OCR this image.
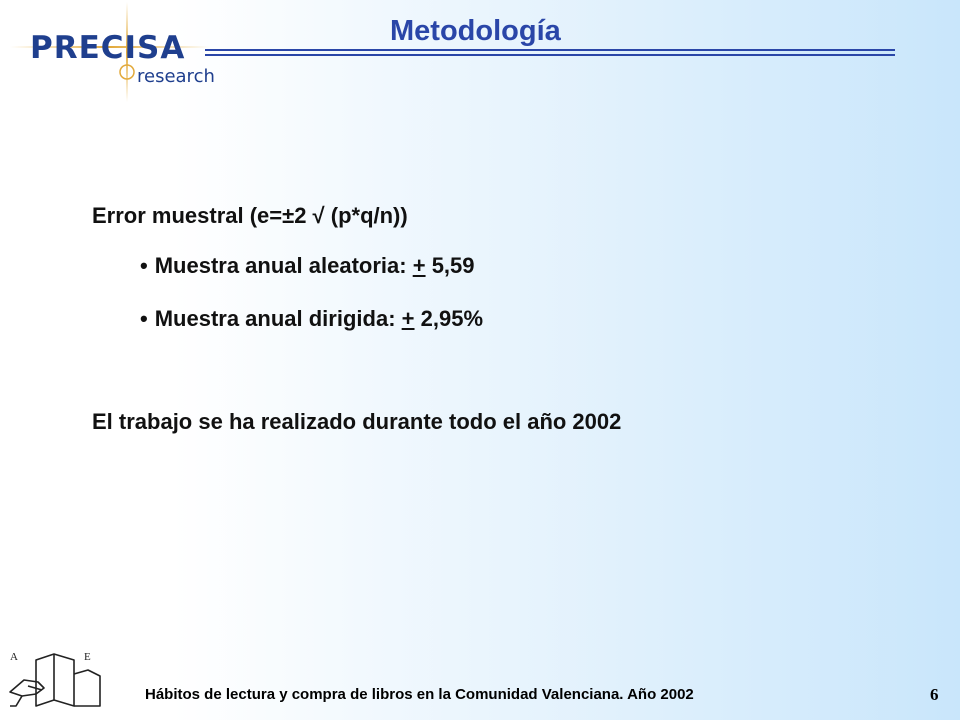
PRECISA
research
Metodología
Error muestral (e=±2 √ (p*q/n))
• Muestra anual aleatoria: + 5,59
• Muestra anual dirigida: + 2,95%
El trabajo se ha realizado durante todo el año 2002
A	E
Hábitos de lectura y compra de libros en la Comunidad Valenciana. Año 2002	6
